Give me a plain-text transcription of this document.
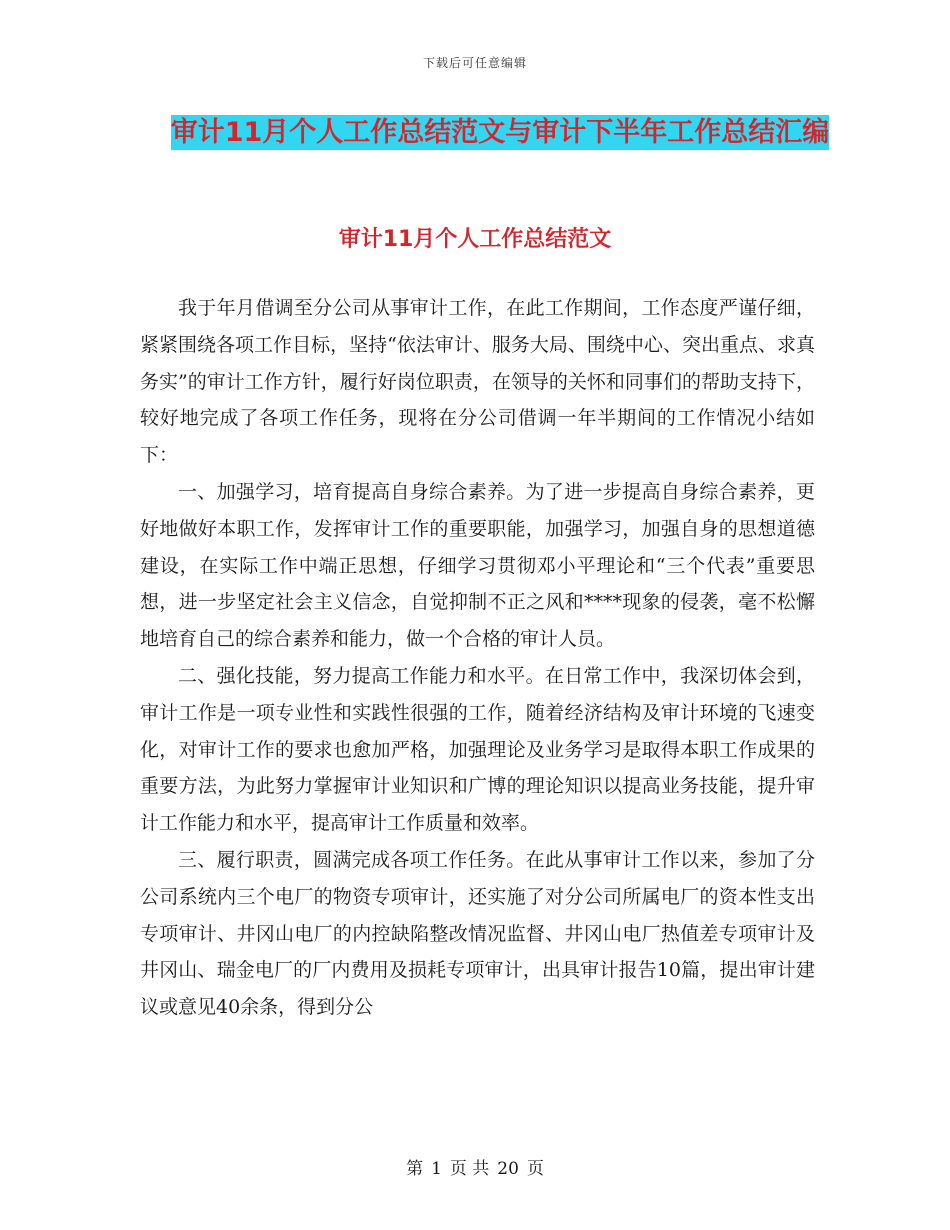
下载后可任意编辑
审计11月个人工作总结范文与审计下半年工作总结汇编
审计11月个人工作总结范文

我于年月借调至分公司从事审计工作，在此工作期间，工作态度严谨仔细，紧紧围绕各项工作目标，坚持“依法审计、服务大局、围绕中心、突出重点、求真务实”的审计工作方针，履行好岗位职责，在领导的关怀和同事们的帮助支持下，较好地完成了各项工作任务，现将在分公司借调一年半期间的工作情况小结如下：

一、加强学习，培育提高自身综合素养。为了进一步提高自身综合素养，更好地做好本职工作，发挥审计工作的重要职能，加强学习，加强自身的思想道德建设，在实际工作中端正思想，仔细学习贯彻邓小平理论和“三个代表”重要思想，进一步坚定社会主义信念，自觉抑制不正之风和****现象的侵袭，毫不松懈地培育自己的综合素养和能力，做一个合格的审计人员。

二、强化技能，努力提高工作能力和水平。在日常工作中，我深切体会到，审计工作是一项专业性和实践性很强的工作，随着经济结构及审计环境的飞速变化，对审计工作的要求也愈加严格，加强理论及业务学习是取得本职工作成果的重要方法，为此努力掌握审计业知识和广博的理论知识以提高业务技能，提升审计工作能力和水平，提高审计工作质量和效率。

三、履行职责，圆满完成各项工作任务。在此从事审计工作以来，参加了分公司系统内三个电厂的物资专项审计，还实施了对分公司所属电厂的资本性支出专项审计、井冈山电厂的内控缺陷整改情况监督、井冈山电厂热值差专项审计及井冈山、瑞金电厂的厂内费用及损耗专项审计，出具审计报告10篇，提出审计建议或意见40余条，得到分公

第 1 页 共 20 页
